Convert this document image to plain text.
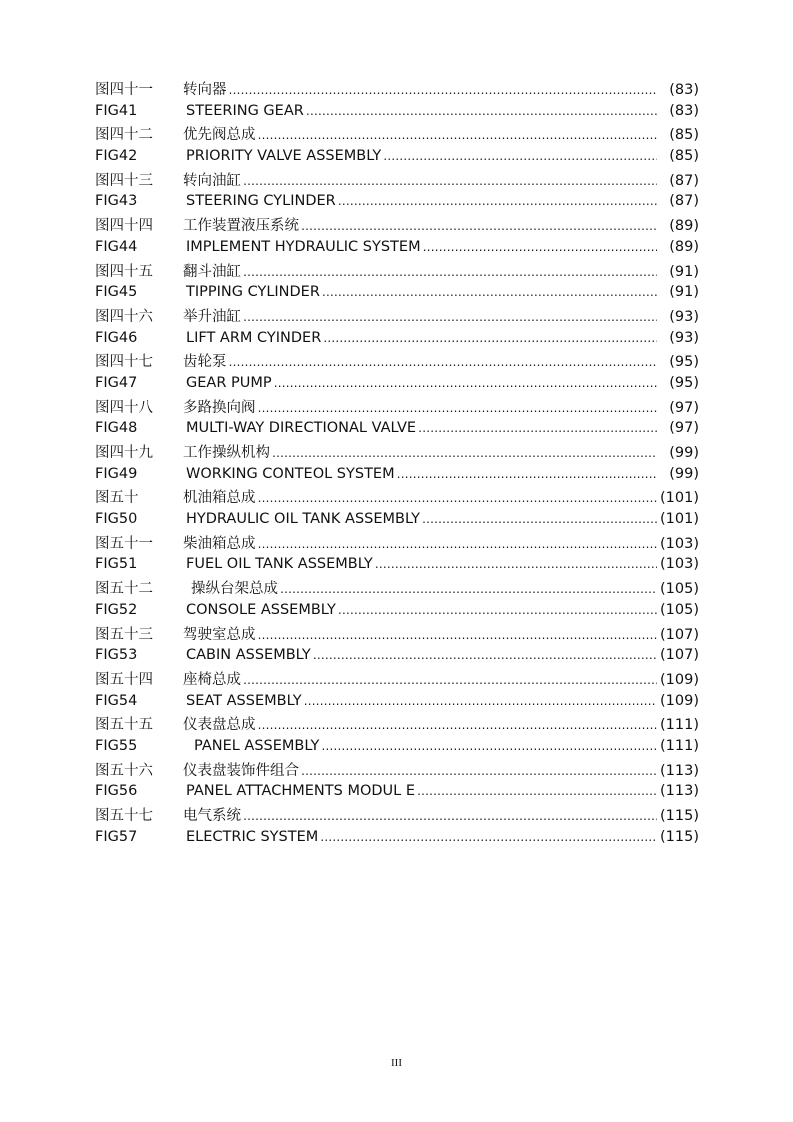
图四十一	转向器 …………………………………………………………………………………………………………………………………………………………………………………………	(83)
FIG41	STEERING GEAR …………………………………………………………………………………………………………………………………………………………………………………………	(83)
图四十二	优先阀总成 …………………………………………………………………………………………………………………………………………………………………………………………	(85)
FIG42	PRIORITY VALVE ASSEMBLY …………………………………………………………………………………………………………………………………………………………………………………………	(85)
图四十三	转向油缸 …………………………………………………………………………………………………………………………………………………………………………………………	(87)
FIG43	STEERING CYLINDER …………………………………………………………………………………………………………………………………………………………………………………………	(87)
图四十四	工作装置液压系统 …………………………………………………………………………………………………………………………………………………………………………………………	(89)
FIG44	IMPLEMENT HYDRAULIC SYSTEM …………………………………………………………………………………………………………………………………………………………………………………………	(89)
图四十五	翻斗油缸 …………………………………………………………………………………………………………………………………………………………………………………………	(91)
FIG45	TIPPING CYLINDER …………………………………………………………………………………………………………………………………………………………………………………………	(91)
图四十六	举升油缸 …………………………………………………………………………………………………………………………………………………………………………………………	(93)
FIG46	LIFT ARM CYINDER …………………………………………………………………………………………………………………………………………………………………………………………	(93)
图四十七	齿轮泵 …………………………………………………………………………………………………………………………………………………………………………………………	(95)
FIG47	GEAR PUMP …………………………………………………………………………………………………………………………………………………………………………………………	(95)
图四十八	多路换向阀 …………………………………………………………………………………………………………………………………………………………………………………………	(97)
FIG48	MULTI-WAY DIRECTIONAL VALVE …………………………………………………………………………………………………………………………………………………………………………………………	(97)
图四十九	工作操纵机构 …………………………………………………………………………………………………………………………………………………………………………………………	(99)
FIG49	WORKING CONTEOL SYSTEM …………………………………………………………………………………………………………………………………………………………………………………………	(99)
图五十	机油箱总成 …………………………………………………………………………………………………………………………………………………………………………………………	(101)
FIG50	HYDRAULIC OIL TANK ASSEMBLY …………………………………………………………………………………………………………………………………………………………………………………………	(101)
图五十一	柴油箱总成 …………………………………………………………………………………………………………………………………………………………………………………………	(103)
FIG51	FUEL OIL TANK ASSEMBLY …………………………………………………………………………………………………………………………………………………………………………………………	(103)
图五十二	操纵台架总成 …………………………………………………………………………………………………………………………………………………………………………………………	(105)
FIG52	CONSOLE ASSEMBLY …………………………………………………………………………………………………………………………………………………………………………………………	(105)
图五十三	驾驶室总成 …………………………………………………………………………………………………………………………………………………………………………………………	(107)
FIG53	CABIN ASSEMBLY …………………………………………………………………………………………………………………………………………………………………………………………	(107)
图五十四	座椅总成 …………………………………………………………………………………………………………………………………………………………………………………………	(109)
FIG54	SEAT ASSEMBLY …………………………………………………………………………………………………………………………………………………………………………………………	(109)
图五十五	仪表盘总成 …………………………………………………………………………………………………………………………………………………………………………………………	(111)
FIG55	PANEL ASSEMBLY …………………………………………………………………………………………………………………………………………………………………………………………	(111)
图五十六	仪表盘装饰件组合 …………………………………………………………………………………………………………………………………………………………………………………………	(113)
FIG56	PANEL ATTACHMENTS MODUL E …………………………………………………………………………………………………………………………………………………………………………………………	(113)
图五十七	电气系统 …………………………………………………………………………………………………………………………………………………………………………………………	(115)
FIG57	ELECTRIC SYSTEM …………………………………………………………………………………………………………………………………………………………………………………………	(115)
III
